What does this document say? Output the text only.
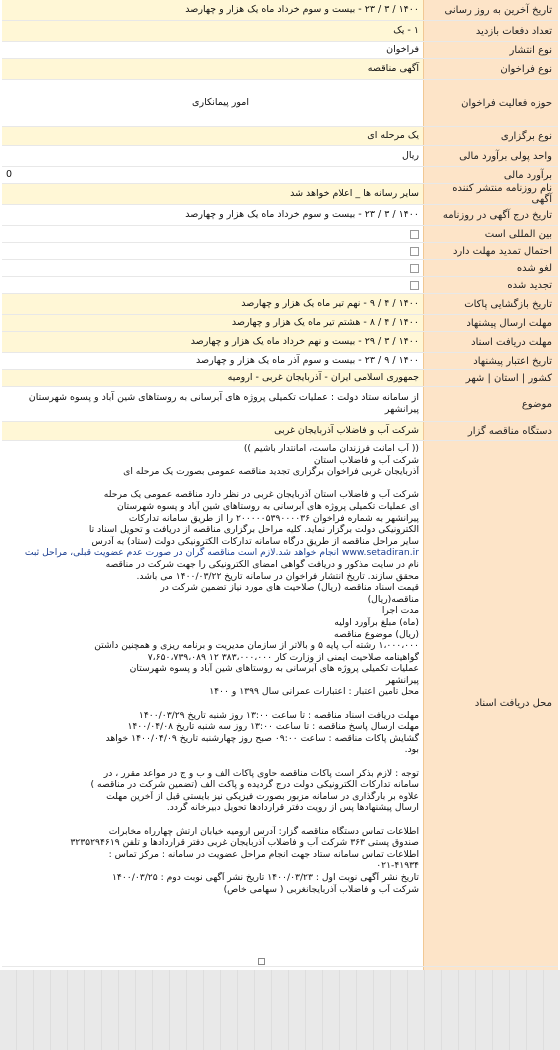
تاریخ آخرین به روز رسانی
۱۴۰۰ / ۳ / ۲۳ - بیست و سوم خرداد ماه یک هزار و چهارصد
تعداد دفعات بازدید
۱ - یک
نوع انتشار
فراخوان
نوع فراخوان
آگهی مناقصه
حوزه فعالیت فراخوان
امور پیمانکاری
نوع برگزاری
یک مرحله ای
واحد پولی برآورد مالی
ریال
برآورد مالی
0
نام روزنامه منتشر کننده آگهی
سایر رسانه ها _ اعلام خواهد شد
تاریخ درج آگهی در روزنامه
۱۴۰۰ / ۳ / ۲۳ - بیست و سوم خرداد ماه یک هزار و چهارصد
بین المللی است
احتمال تمدید مهلت دارد
لغو شده
تجدید شده
تاریخ بازگشایی پاکات
۱۴۰۰ / ۴ / ۹ - نهم تیر ماه یک هزار و چهارصد
مهلت ارسال پیشنهاد
۱۴۰۰ / ۴ / ۸ - هشتم تیر ماه یک هزار و چهارصد
مهلت دریافت اسناد
۱۴۰۰ / ۳ / ۲۹ - بیست و نهم خرداد ماه یک هزار و چهارصد
تاریخ اعتبار پیشنهاد
۱۴۰۰ / ۹ / ۲۳ - بیست و سوم آذر ماه یک هزار و چهارصد
کشور | استان | شهر
جمهوری اسلامی ایران - آذربایجان غربی - ارومیه
موضوع
از سامانه ستاد دولت : عملیات تکمیلی پروژه های آبرسانی به روستاهای شین آباد و پسوه شهرستان پیرانشهر
دستگاه مناقصه گزار
شرکت آب و فاضلاب آذربایجان غربی
محل دریافت اسناد
(( آب امانت فرزندان ماست، امانتدار باشیم ))
شرکت آب و فاضلاب استان
آذربایجان غربی فراخوان برگزاری تجدید مناقصه عمومی بصورت یک مرحله ای

شرکت آب و فاضلاب استان آذربایجان غربی در نظر دارد مناقصه عمومی یک مرحله
ای عملیات تکمیلی پروژه های آبرسانی به روستاهای شین آباد و پسوه شهرستان
پیرانشهر به شماره فراخوان ۲۰۰۰۰۰۵۳۹۰۰۰۰۳۶ را از طریق سامانه تدارکات
الکترونیکی دولت برگزار نماید. کلیه مراحل برگزاری مناقصه از دریافت و تحویل اسناد تا
سایر مراحل مناقصه از طریق درگاه سامانه تدارکات الکترونیکی دولت (ستاد) به آدرس
www.setadiran.ir انجام خواهد شد.لازم است مناقصه گران در صورت عدم عضویت قبلی، مراحل ثبت
نام در سایت مذکور و دریافت گواهی امضای الکترونیکی را جهت شرکت در مناقصه
محقق سازند. تاریخ انتشار فراخوان در سامانه تاریخ ۱۴۰۰/۰۳/۲۲ می باشد.
قیمت اسناد مناقصه (ریال) صلاحیت های مورد نیاز تضمین شرکت در
مناقصه(ریال)
مدت اجرا
(ماه) مبلغ برآورد اولیه
(ریال) موضوع مناقصه
۱،۰۰۰،۰۰۰ رشته آب پایه ۵ و بالاتر از سازمان مدیریت و برنامه ریزی و همچنین داشتن
گواهینامه صلاحیت ایمنی از وزارت کار ۳۸۳،۰۰۰،۰۰۰ ۱۲ ۷،۶۵۰،۷۳۹،۰۸۹
عملیات تکمیلی پروژه های آبرسانی به روستاهای شین آباد و پسوه شهرستان
پیرانشهر
محل تامین اعتبار : اعتبارات عمرانی سال ۱۳۹۹ و ۱۴۰۰

مهلت دریافت اسناد مناقصه : تا ساعت ۱۳:۰۰ روز شنبه تاریخ ۱۴۰۰/۰۳/۲۹
مهلت ارسال پاسخ مناقصه : تا ساعت ۱۳:۰۰ روز سه شنبه تاریخ ۱۴۰۰/۰۴/۰۸
گشایش پاکات مناقصه : ساعت ۰۹:۰۰ صبح روز چهارشنبه تاریخ ۱۴۰۰/۰۴/۰۹ خواهد
بود.

توجه : لازم بذکر است پاکات مناقصه حاوی پاکات الف و ب و ج در مواعد مقرر ، در
سامانه تدارکات الکترونیکی دولت درج گردیده و پاکت الف (تضمین شرکت در مناقصه )
علاوه بر بارگذاری در سامانه مزبور بصورت فیزیکی نیز بایستی قبل از آخرین مهلت
ارسال پیشنهادها پس از رویت دفتر قراردادها تحویل دبیرخانه گردد.

اطلاعات تماس دستگاه مناقصه گزار: آدرس ارومیه خیابان ارتش چهارراه مخابرات
صندوق پستی ۳۶۳ شرکت آب و فاضلاب آذربایجان غربی دفتر قراردادها و تلفن ۳۲۳۵۲۹۴۶۱۹
اطلاعات تماس سامانه ستاد جهت انجام مراحل عضویت در سامانه : مرکز تماس :
۰۲۱-۴۱۹۳۴
تاریخ نشر آگهی نوبت اول : ۱۴۰۰/۰۳/۲۳ تاریخ نشر آگهی نوبت دوم : ۱۴۰۰/۰۳/۲۵
شرکت آب و فاضلاب آذربایجانغربی ( سهامی خاص)
